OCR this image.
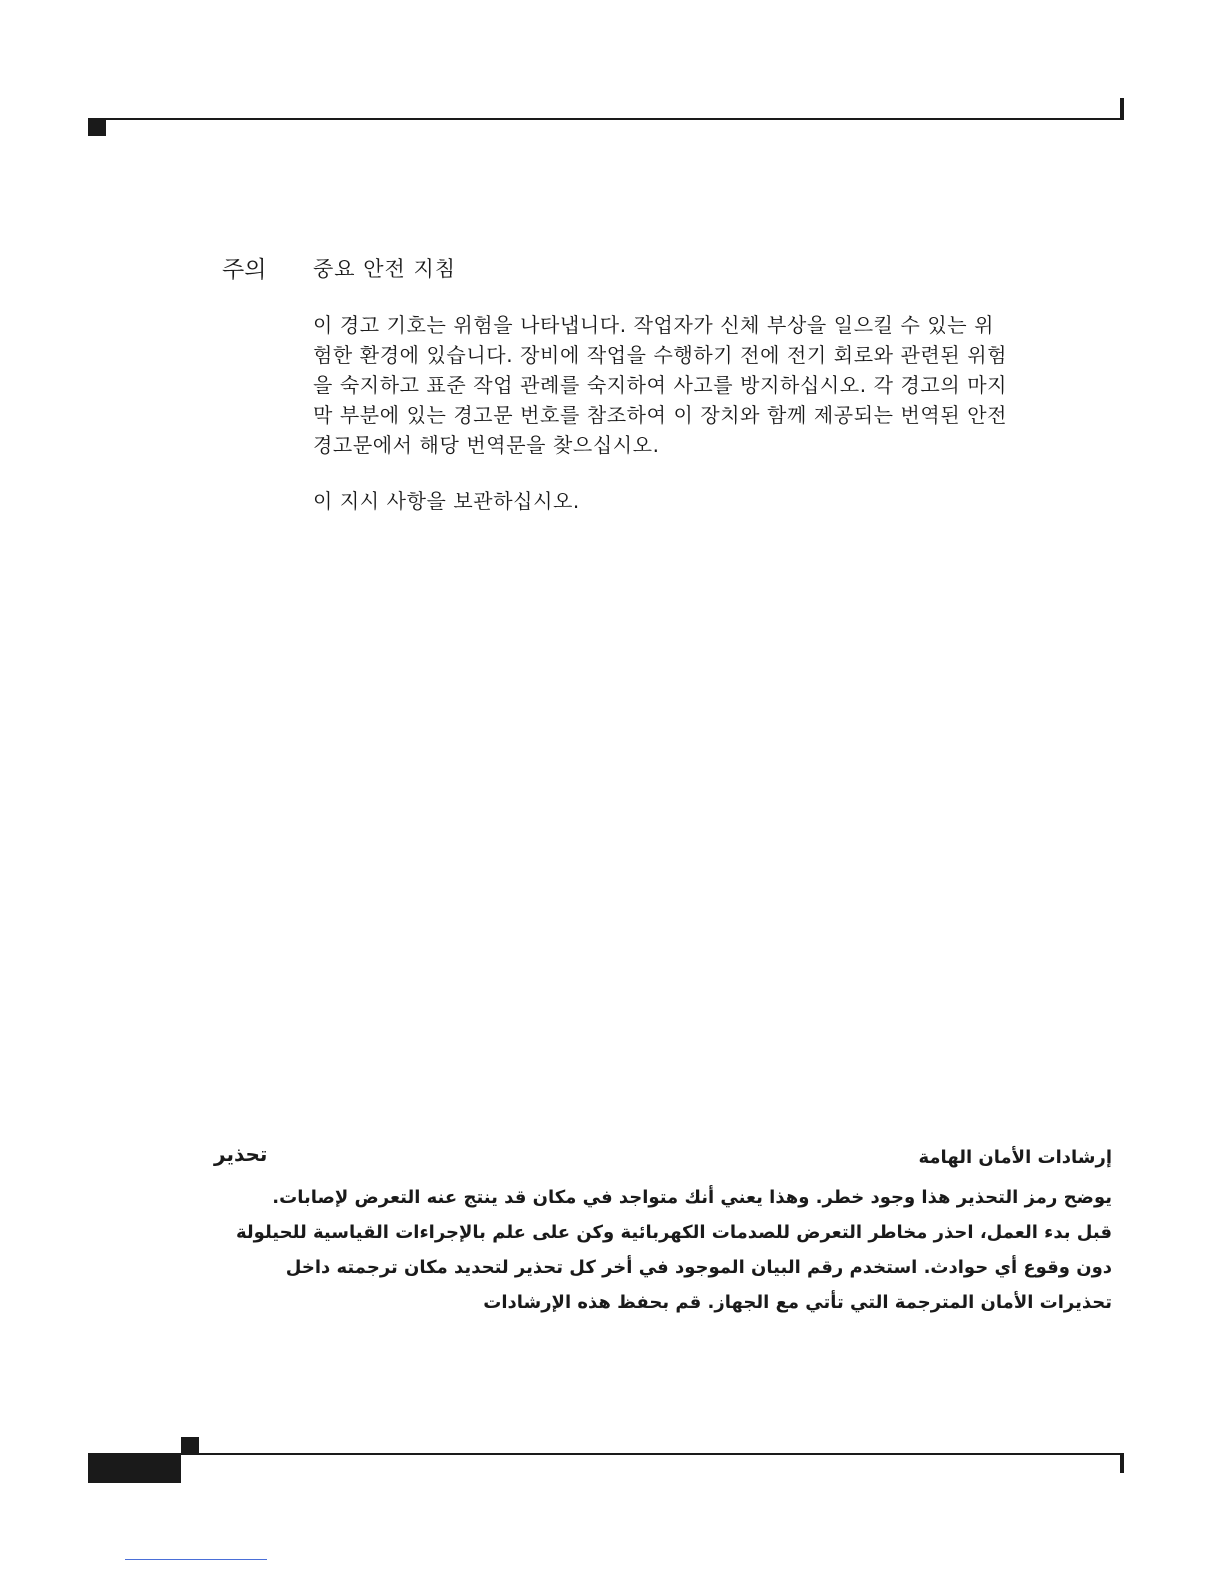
주의 중요 안전 지침

이 경고 기호는 위험을 나타냅니다. 작업자가 신체 부상을 일으킬 수 있는 위
험한 환경에 있습니다. 장비에 작업을 수행하기 전에 전기 회로와 관련된 위험
을 숙지하고 표준 작업 관례를 숙지하여 사고를 방지하십시오. 각 경고의 마지
막 부분에 있는 경고문 번호를 참조하여 이 장치와 함께 제공되는 번역된 안전
경고문에서 해당 번역문을 찾으십시오.

이 지시 사항을 보관하십시오.

تحذير	إرشادات الأمان الهامة

يوضح رمز التحذير هذا وجود خطر. وهذا يعني أنك متواجد في مكان قد ينتج عنه التعرض لإصابات.
قبل بدء العمل، احذر مخاطر التعرض للصدمات الكهربائية وكن على علم بالإجراءات القياسية للحيلولة
دون وقوع أي حوادث. استخدم رقم البيان الموجود في أخر كل تحذير لتحديد مكان ترجمته داخل
تحذيرات الأمان المترجمة التي تأتي مع الجهاز. قم بحفظ هذه الإرشادات
